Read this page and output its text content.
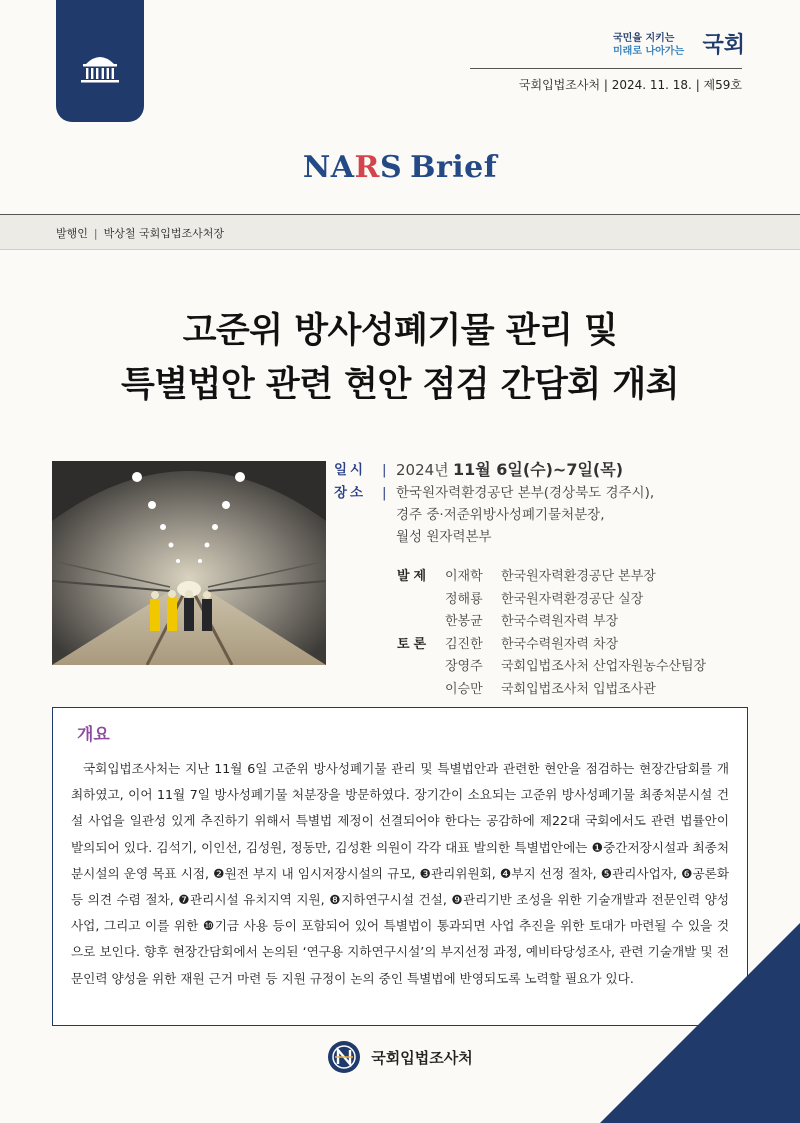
국민을 지키는
미래로 나아가는 국회
국회입법조사처 | 2024. 11. 18. | 제59호
NARS Brief
발행인 | 박상철 국회입법조사처장
고준위 방사성폐기물 관리 및
특별법안 관련 현안 점검 간담회 개최
일시	| 2024년 11월 6일(수)~7일(목)
장소	| 한국원자력환경공단 본부(경상북도 경주시),
경주 중·저준위방사성폐기물처분장,
월성 원자력본부
발제 이재학 한국원자력환경공단 본부장
정해룡 한국원자력환경공단 실장
한봉균 한국수력원자력 부장
토론 김진한 한국수력원자력 차장
장영주 국회입법조사처 산업자원농수산팀장
이승만 국회입법조사처 입법조사관
개요
국회입법조사처는 지난 11월 6일 고준위 방사성폐기물 관리 및 특별법안과 관련한 현안을 점검하는 현장간담회를 개최하였고, 이어 11월 7일 방사성폐기물 처분장을 방문하였다. 장기간이 소요되는 고준위 방사성폐기물 최종처분시설 건설 사업을 일관성 있게 추진하기 위해서 특별법 제정이 선결되어야 한다는 공감하에 제22대 국회에서도 관련 법률안이 발의되어 있다. 김석기, 이인선, 김성원, 정동만, 김성환 의원이 각각 대표 발의한 특별법안에는 ❶중간저장시설과 최종처분시설의 운영 목표 시점, ❷원전 부지 내 임시저장시설의 규모, ❸관리위원회, ❹부지 선정 절차, ❺관리사업자, ❻공론화 등 의견 수렴 절차, ❼관리시설 유치지역 지원, ❽지하연구시설 건설, ❾관리기반 조성을 위한 기술개발과 전문인력 양성사업, 그리고 이를 위한 ❿기금 사용 등이 포함되어 있어 특별법이 통과되면 사업 추진을 위한 토대가 마련될 수 있을 것으로 보인다. 향후 현장간담회에서 논의된 ‘연구용 지하연구시설’의 부지선정 과정, 예비타당성조사, 관련 기술개발 및 전문인력 양성을 위한 재원 근거 마련 등 지원 규정이 논의 중인 특별법에 반영되도록 노력할 필요가 있다.
국회입법조사처
